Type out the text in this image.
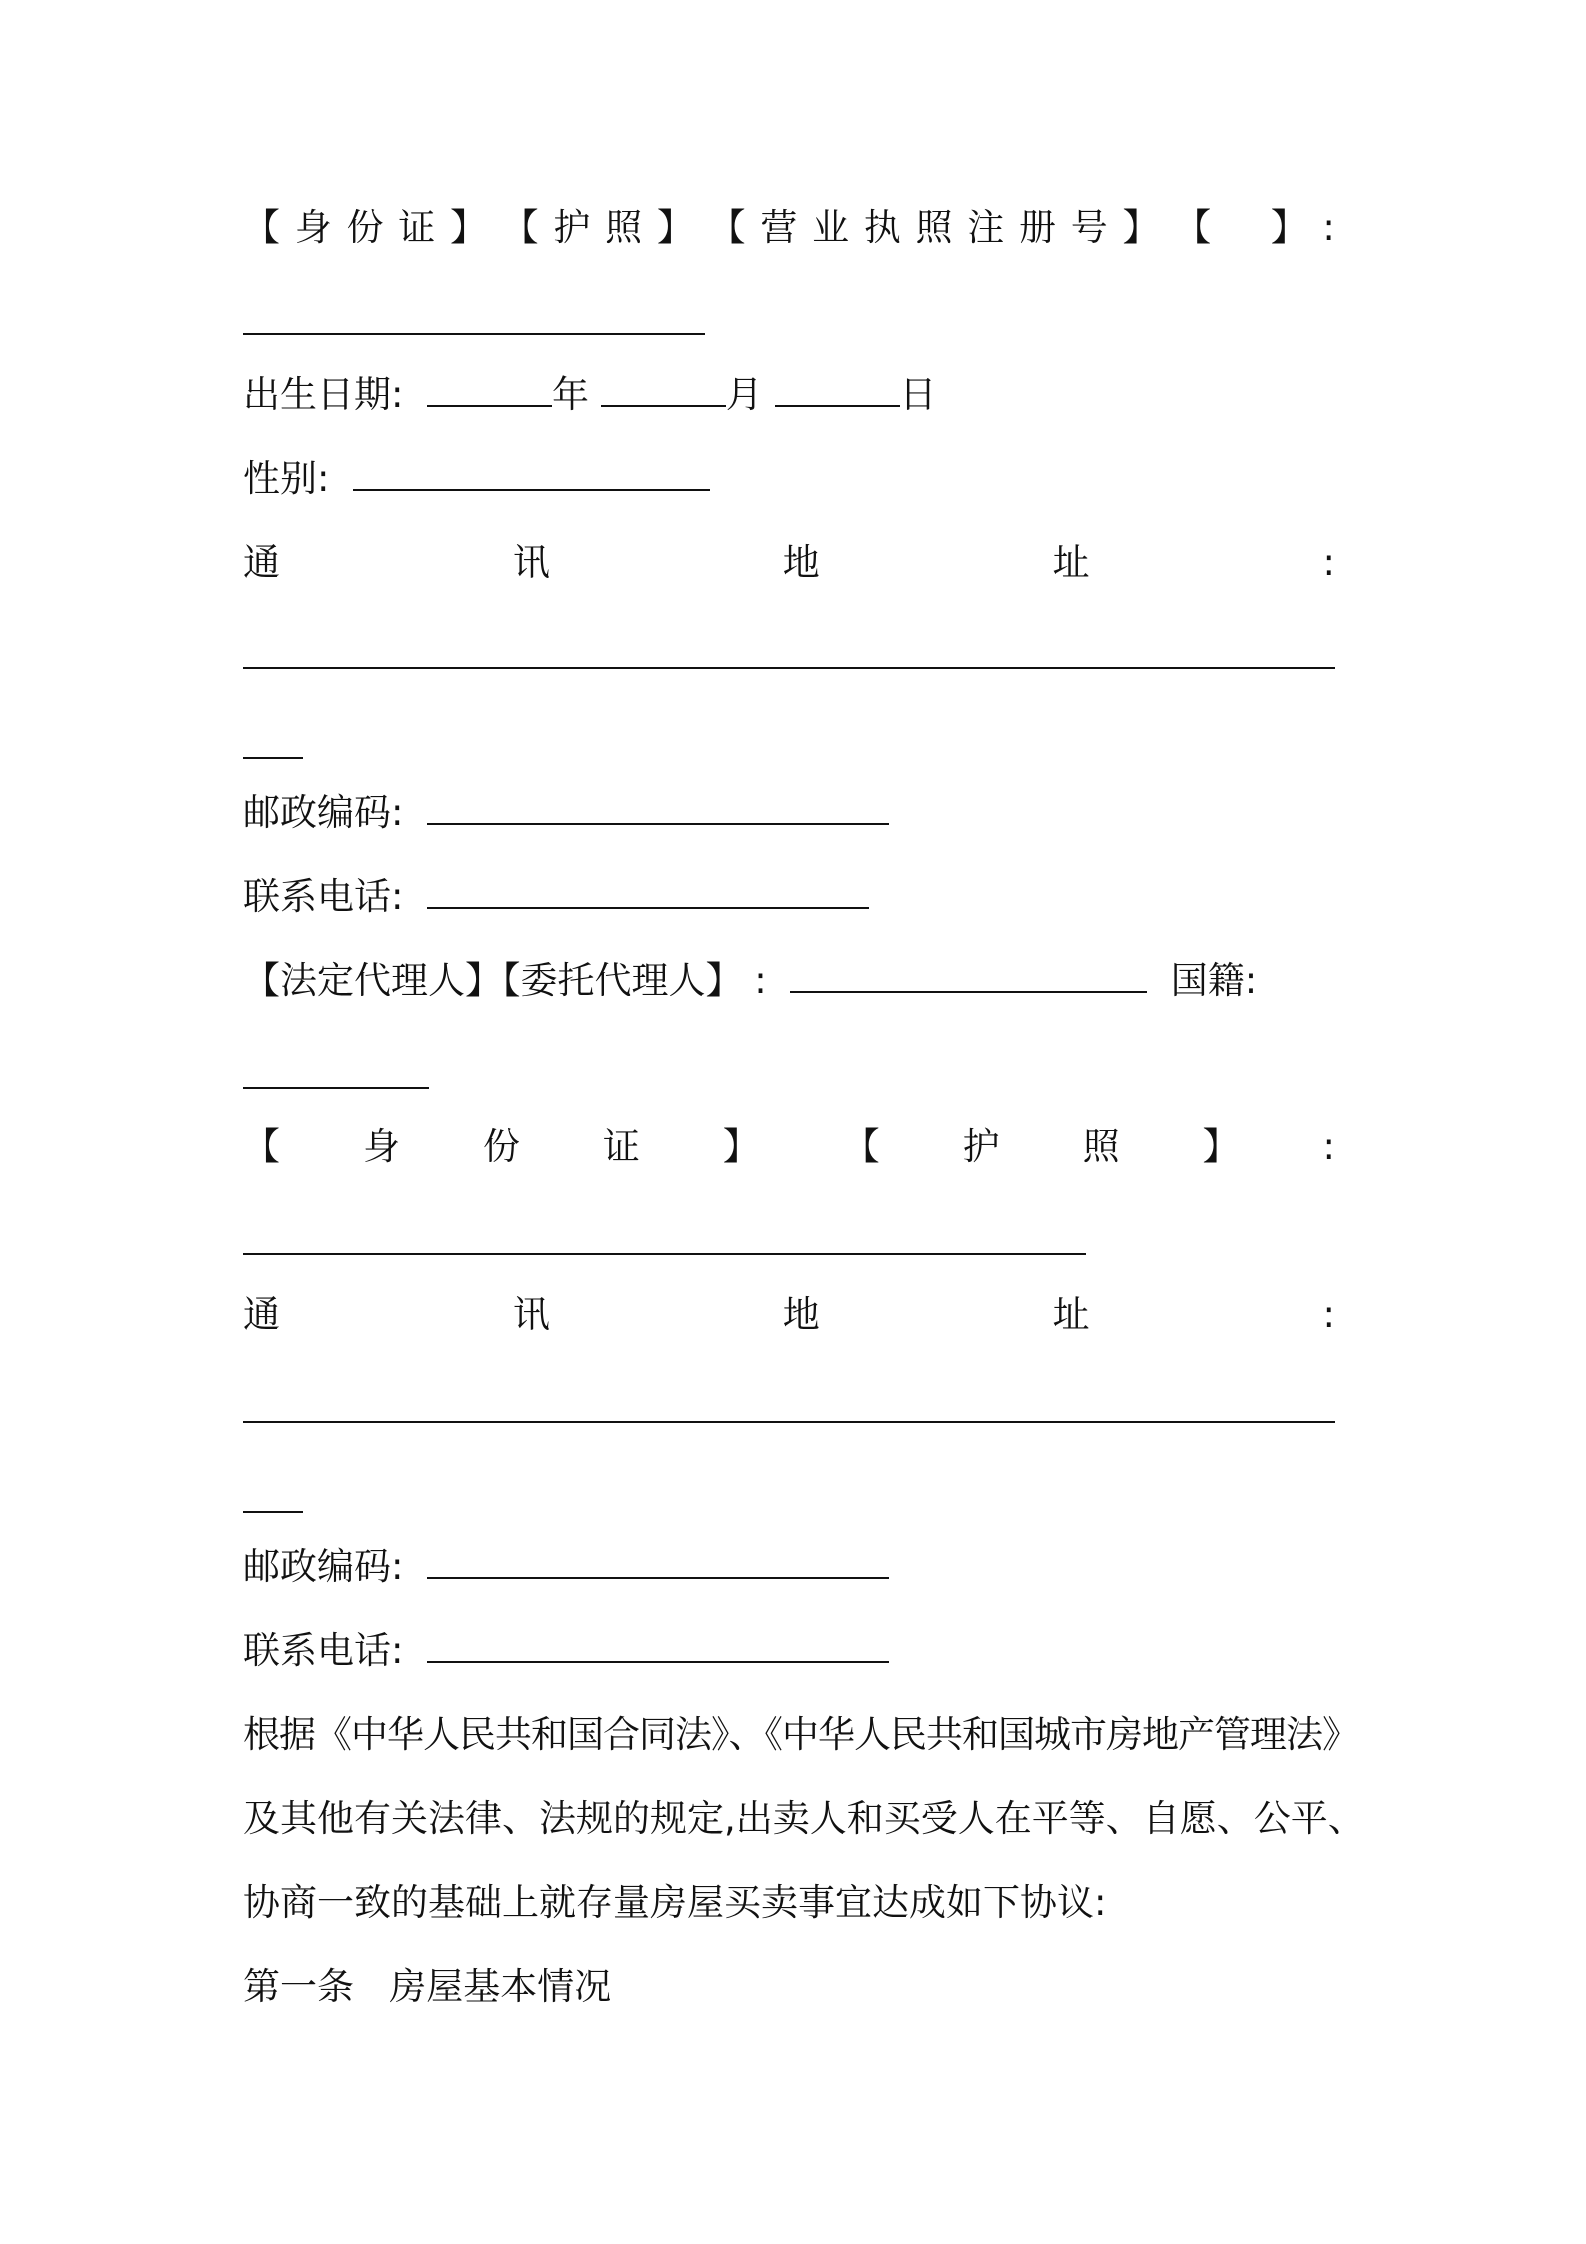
【 身 份 证 】 【 护 照 】 【 营 业 执 照 注 册 号 】 【 】 :
出生日期:	年	月	日
性别:
通	讯	地	址	:
邮政编码:
联系电话:
【法定代理人】【委托代理人】 :	国籍:
【 身 份 证 】 【 护 照 】 :
通	讯	地	址	:
邮政编码:
联系电话:
根据《中华人民共和国合同法》、《中华人民共和国城市房地产管理法》
及其他有关法律、法规的规定,出卖人和买受人在平等、自愿、公平、
协商一致的基础上就存量房屋买卖事宜达成如下协议:
第一条   房屋基本情况
